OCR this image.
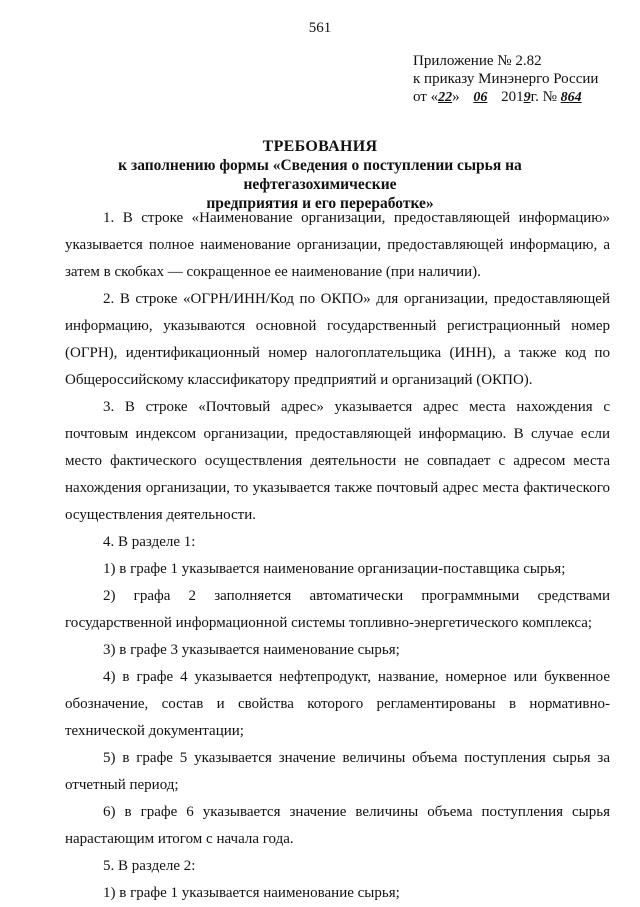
561
Приложение № 2.82
к приказу Минэнерго России
от «22» 06 2019г. № 864
ТРЕБОВАНИЯ
к заполнению формы «Сведения о поступлении сырья на нефтегазохимические
предприятия и его переработке»

1. В строке «Наименование организации, предоставляющей информацию» указывается полное наименование организации, предоставляющей информацию, а затем в скобках — сокращенное ее наименование (при наличии).

2. В строке «ОГРН/ИНН/Код по ОКПО» для организации, предоставляющей информацию, указываются основной государственный регистрационный номер (ОГРН), идентификационный номер налогоплательщика (ИНН), а также код по Общероссийскому классификатору предприятий и организаций (ОКПО).

3. В строке «Почтовый адрес» указывается адрес места нахождения с почтовым индексом организации, предоставляющей информацию. В случае если место фактического осуществления деятельности не совпадает с адресом места нахождения организации, то указывается также почтовый адрес места фактического осуществления деятельности.

4. В разделе 1:

1) в графе 1 указывается наименование организации-поставщика сырья;

2) графа 2 заполняется автоматически программными средствами государственной информационной системы топливно-энергетического комплекса;

3) в графе 3 указывается наименование сырья;

4) в графе 4 указывается нефтепродукт, название, номерное или буквенное обозначение, состав и свойства которого регламентированы в нормативно-технической документации;

5) в графе 5 указывается значение величины объема поступления сырья за отчетный период;

6) в графе 6 указывается значение величины объема поступления сырья нарастающим итогом с начала года.

5. В разделе 2:

1) в графе 1 указывается наименование сырья;
